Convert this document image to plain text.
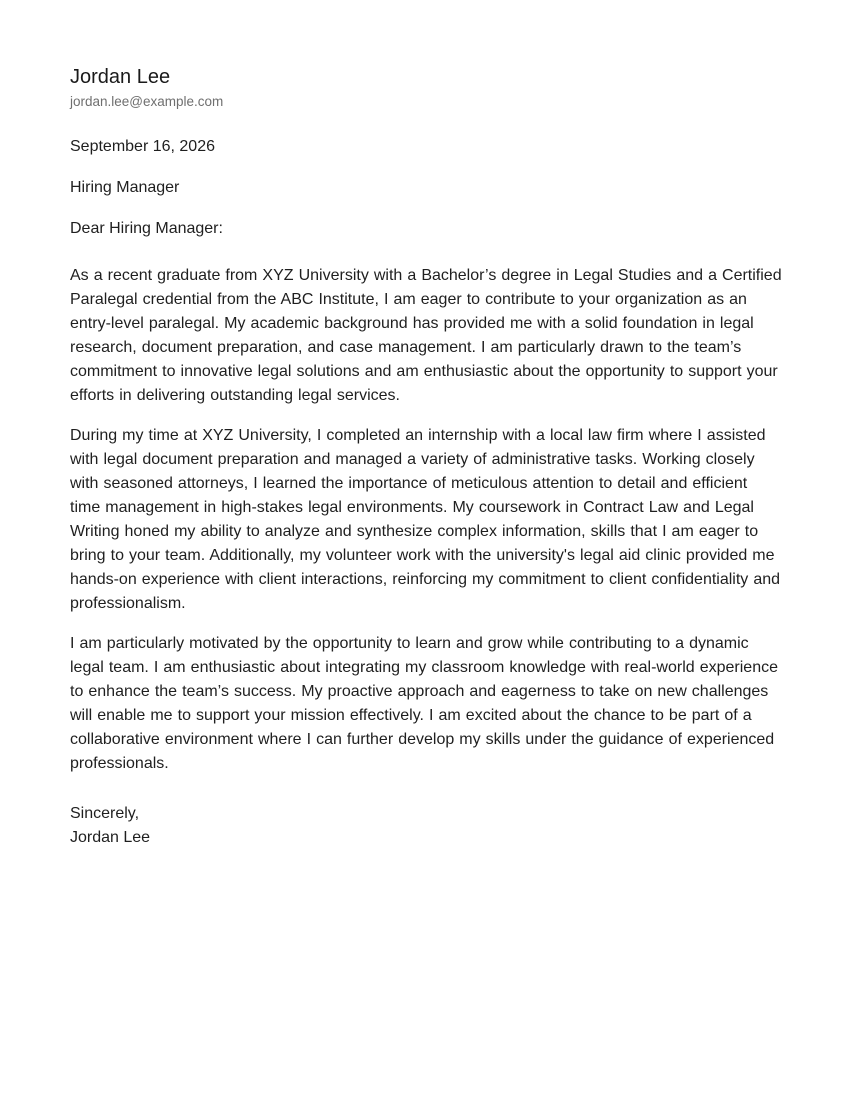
Jordan Lee
jordan.lee@example.com
September 16, 2026
Hiring Manager
Dear Hiring Manager:

As a recent graduate from XYZ University with a Bachelor’s degree in Legal Studies and a Certified Paralegal credential from the ABC Institute, I am eager to contribute to your organization as an entry-level paralegal. My academic background has provided me with a solid foundation in legal research, document preparation, and case management. I am particularly drawn to the team’s commitment to innovative legal solutions and am enthusiastic about the opportunity to support your efforts in delivering outstanding legal services.

During my time at XYZ University, I completed an internship with a local law firm where I assisted with legal document preparation and managed a variety of administrative tasks. Working closely with seasoned attorneys, I learned the importance of meticulous attention to detail and efficient time management in high-stakes legal environments. My coursework in Contract Law and Legal Writing honed my ability to analyze and synthesize complex information, skills that I am eager to bring to your team. Additionally, my volunteer work with the university's legal aid clinic provided me hands-on experience with client interactions, reinforcing my commitment to client confidentiality and professionalism.

I am particularly motivated by the opportunity to learn and grow while contributing to a dynamic legal team. I am enthusiastic about integrating my classroom knowledge with real-world experience to enhance the team’s success. My proactive approach and eagerness to take on new challenges will enable me to support your mission effectively. I am excited about the chance to be part of a collaborative environment where I can further develop my skills under the guidance of experienced professionals.

Sincerely,
Jordan Lee
